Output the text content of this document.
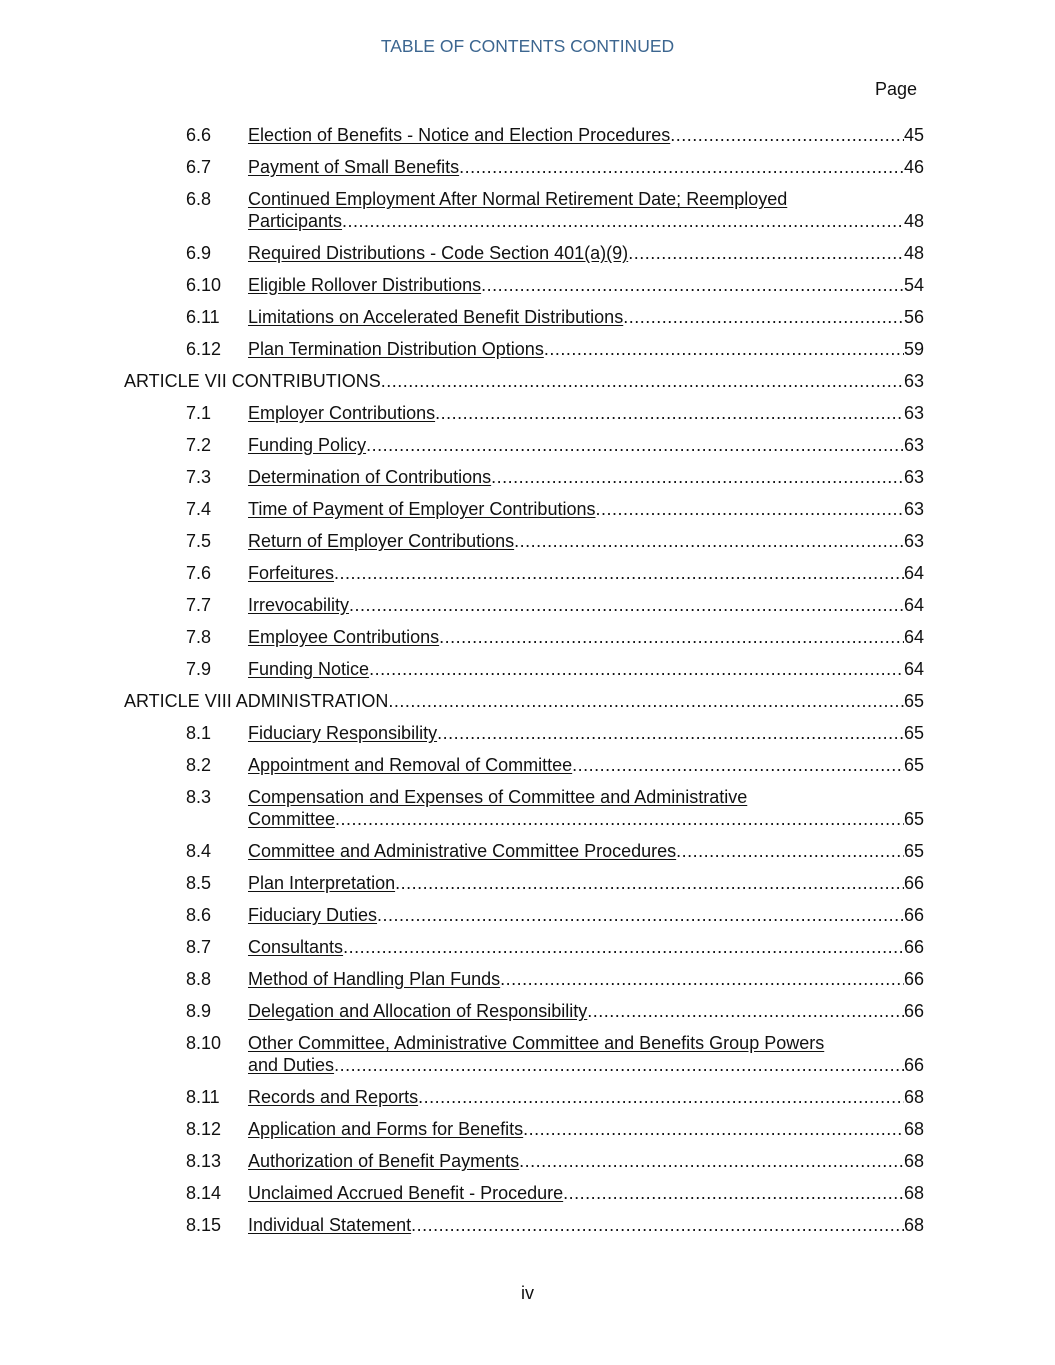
TABLE OF CONTENTS CONTINUED
Page
6.6 Election of Benefits - Notice and Election Procedures .....	45
6.7 Payment of Small Benefits .....	46
6.8 Continued Employment After Normal Retirement Date; Reemployed
Participants .....	48
6.9 Required Distributions - Code Section 401(a)(9) .....	48
6.10 Eligible Rollover Distributions .....	54
6.11 Limitations on Accelerated Benefit Distributions .....	56
6.12 Plan Termination Distribution Options .....	59
ARTICLE VII CONTRIBUTIONS .....	63
7.1 Employer Contributions .....	63
7.2 Funding Policy .....	63
7.3 Determination of Contributions .....	63
7.4 Time of Payment of Employer Contributions .....	63
7.5 Return of Employer Contributions .....	63
7.6 Forfeitures .....	64
7.7 Irrevocability .....	64
7.8 Employee Contributions .....	64
7.9 Funding Notice .....	64
ARTICLE VIII ADMINISTRATION .....	65
8.1 Fiduciary Responsibility .....	65
8.2 Appointment and Removal of Committee .....	65
8.3 Compensation and Expenses of Committee and Administrative
Committee .....	65
8.4 Committee and Administrative Committee Procedures .....	65
8.5 Plan Interpretation .....	66
8.6 Fiduciary Duties .....	66
8.7 Consultants .....	66
8.8 Method of Handling Plan Funds .....	66
8.9 Delegation and Allocation of Responsibility .....	66
8.10 Other Committee, Administrative Committee and Benefits Group Powers
and Duties .....	66
8.11 Records and Reports .....	68
8.12 Application and Forms for Benefits .....	68
8.13 Authorization of Benefit Payments .....	68
8.14 Unclaimed Accrued Benefit - Procedure .....	68
8.15 Individual Statement .....	68
iv
